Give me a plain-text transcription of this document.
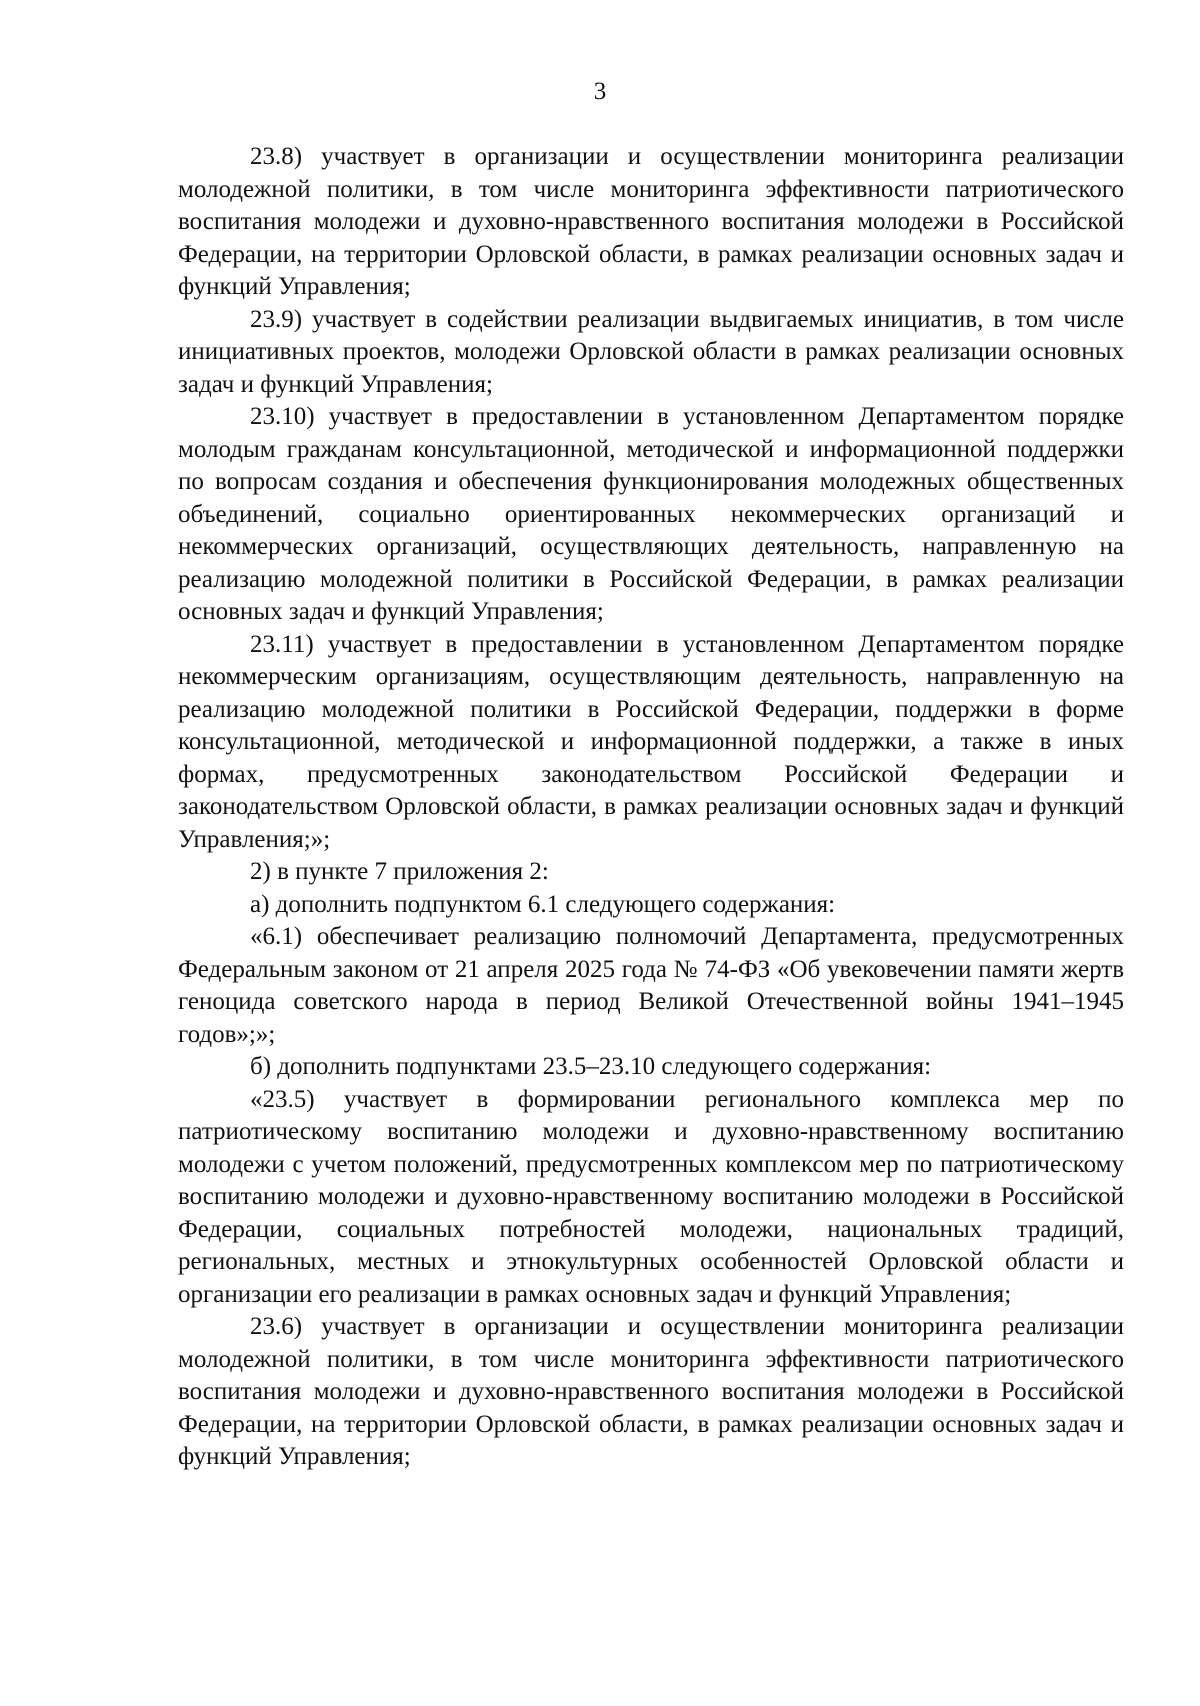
3

23.8) участвует в организации и осуществлении мониторинга реализации молодежной политики, в том числе мониторинга эффективности патриотического воспитания молодежи и духовно-нравственного воспитания молодежи в Российской Федерации, на территории Орловской области, в рамках реализации основных задач и функций Управления;

23.9) участвует в содействии реализации выдвигаемых инициатив, в том числе инициативных проектов, молодежи Орловской области в рамках реализации основных задач и функций Управления;

23.10) участвует в предоставлении в установленном Департаментом порядке молодым гражданам консультационной, методической и информационной поддержки по вопросам создания и обеспечения функционирования молодежных общественных объединений, социально ориентированных некоммерческих организаций и некоммерческих организаций, осуществляющих деятельность, направленную на реализацию молодежной политики в Российской Федерации, в рамках реализации основных задач и функций Управления;

23.11) участвует в предоставлении в установленном Департаментом порядке некоммерческим организациям, осуществляющим деятельность, направленную на реализацию молодежной политики в Российской Федерации, поддержки в форме консультационной, методической и информационной поддержки, а также в иных формах, предусмотренных законодательством Российской Федерации и законодательством Орловской области, в рамках реализации основных задач и функций Управления;»;

2) в пункте 7 приложения 2:

а) дополнить подпунктом 6.1 следующего содержания:

«6.1) обеспечивает реализацию полномочий Департамента, предусмотренных Федеральным законом от 21 апреля 2025 года № 74-ФЗ «Об увековечении памяти жертв геноцида советского народа в период Великой Отечественной войны 1941–1945 годов»;»;

б) дополнить подпунктами 23.5–23.10 следующего содержания:

«23.5) участвует в формировании регионального комплекса мер по патриотическому воспитанию молодежи и духовно-нравственному воспитанию молодежи с учетом положений, предусмотренных комплексом мер по патриотическому воспитанию молодежи и духовно-нравственному воспитанию молодежи в Российской Федерации, социальных потребностей молодежи, национальных традиций, региональных, местных и этнокультурных особенностей Орловской области и организации его реализации в рамках основных задач и функций Управления;

23.6) участвует в организации и осуществлении мониторинга реализации молодежной политики, в том числе мониторинга эффективности патриотического воспитания молодежи и духовно-нравственного воспитания молодежи в Российской Федерации, на территории Орловской области, в рамках реализации основных задач и функций Управления;
